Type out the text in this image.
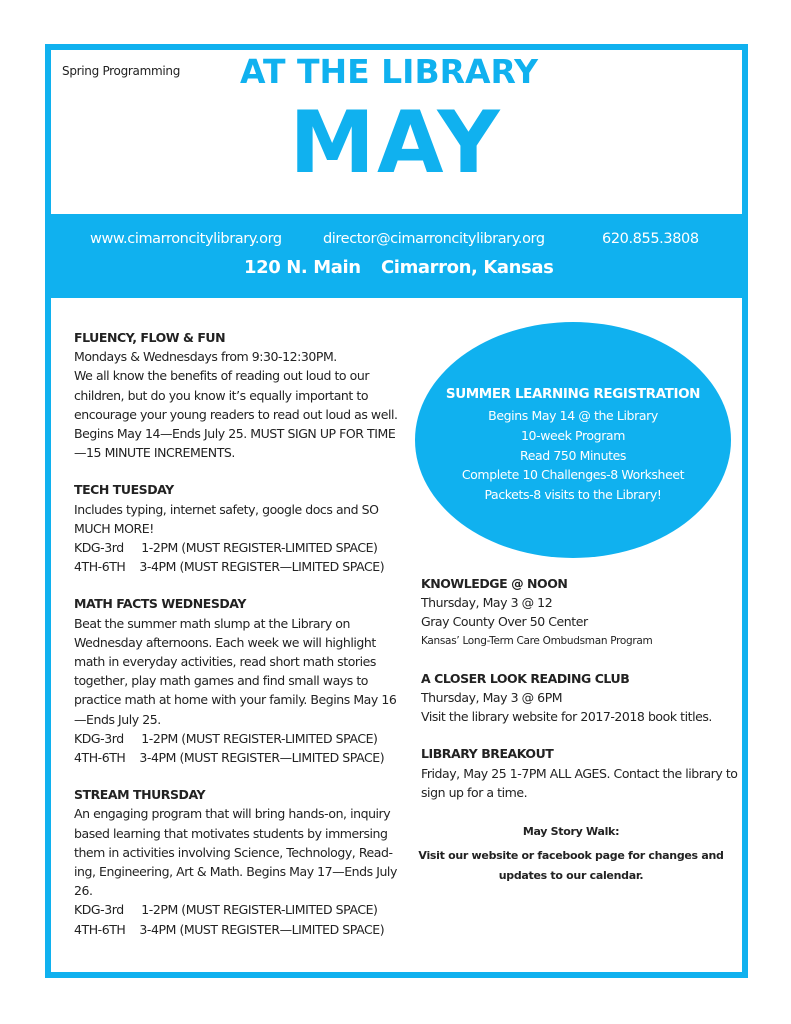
Spring Programming	AT THE LIBRARY
MAY
www.cimarroncitylibrary.org	director@cimarroncitylibrary.org	620.855.3808
120 N. Main Cimarron, Kansas
FLUENCY, FLOW & FUN

Mondays & Wednesdays from 9:30-12:30PM.

We all know the benefits of reading out loud to our children, but do you know it’s equally important to encourage your young readers to read out loud as well. Begins May 14—Ends July 25. MUST SIGN UP FOR TIME—15 MINUTE INCREMENTS.

TECH TUESDAY

Includes typing, internet safety, google docs and SO MUCH MORE!

KDG-3rd     1-2PM (MUST REGISTER-LIMITED SPACE)

4TH-6TH    3-4PM (MUST REGISTER—LIMITED SPACE)

MATH FACTS WEDNESDAY

Beat the summer math slump at the Library on Wednesday afternoons. Each week we will highlight math in everyday activities, read short math stories together, play math games and find small ways to practice math at home with your family. Begins May 16—Ends July 25.

KDG-3rd     1-2PM (MUST REGISTER-LIMITED SPACE)

4TH-6TH    3-4PM (MUST REGISTER—LIMITED SPACE)

STREAM THURSDAY

An engaging program that will bring hands-on, inquiry based learning that motivates students by immersing them in activities involving Science, Technology, Read-ing, Engineering, Art & Math. Begins May 17—Ends July 26.

KDG-3rd     1-2PM (MUST REGISTER-LIMITED SPACE)

4TH-6TH    3-4PM (MUST REGISTER—LIMITED SPACE)

SUMMER LEARNING REGISTRATION
Begins May 14 @ the Library
10-week Program
Read 750 Minutes
Complete 10 Challenges-8 Worksheet
Packets-8 visits to the Library!
KNOWLEDGE @ NOON

Thursday, May 3 @ 12

Gray County Over 50 Center

Kansas’ Long-Term Care Ombudsman Program

A CLOSER LOOK READING CLUB

Thursday, May 3 @ 6PM

Visit the library website for 2017-2018 book titles.

LIBRARY BREAKOUT

Friday, May 25 1-7PM ALL AGES. Contact the library to sign up for a time.

May Story Walk:
Visit our website or facebook page for changes and updates to our calendar.
